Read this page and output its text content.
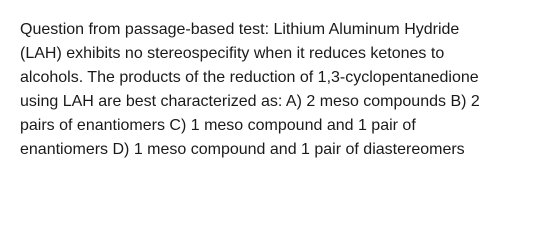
Question from passage-based test: Lithium Aluminum Hydride
(LAH) exhibits no stereospecifity when it reduces ketones to
alcohols. The products of the reduction of 1,3-cyclopentanedione
using LAH are best characterized as: A) 2 meso compounds B) 2
pairs of enantiomers C) 1 meso compound and 1 pair of
enantiomers D) 1 meso compound and 1 pair of diastereomers
